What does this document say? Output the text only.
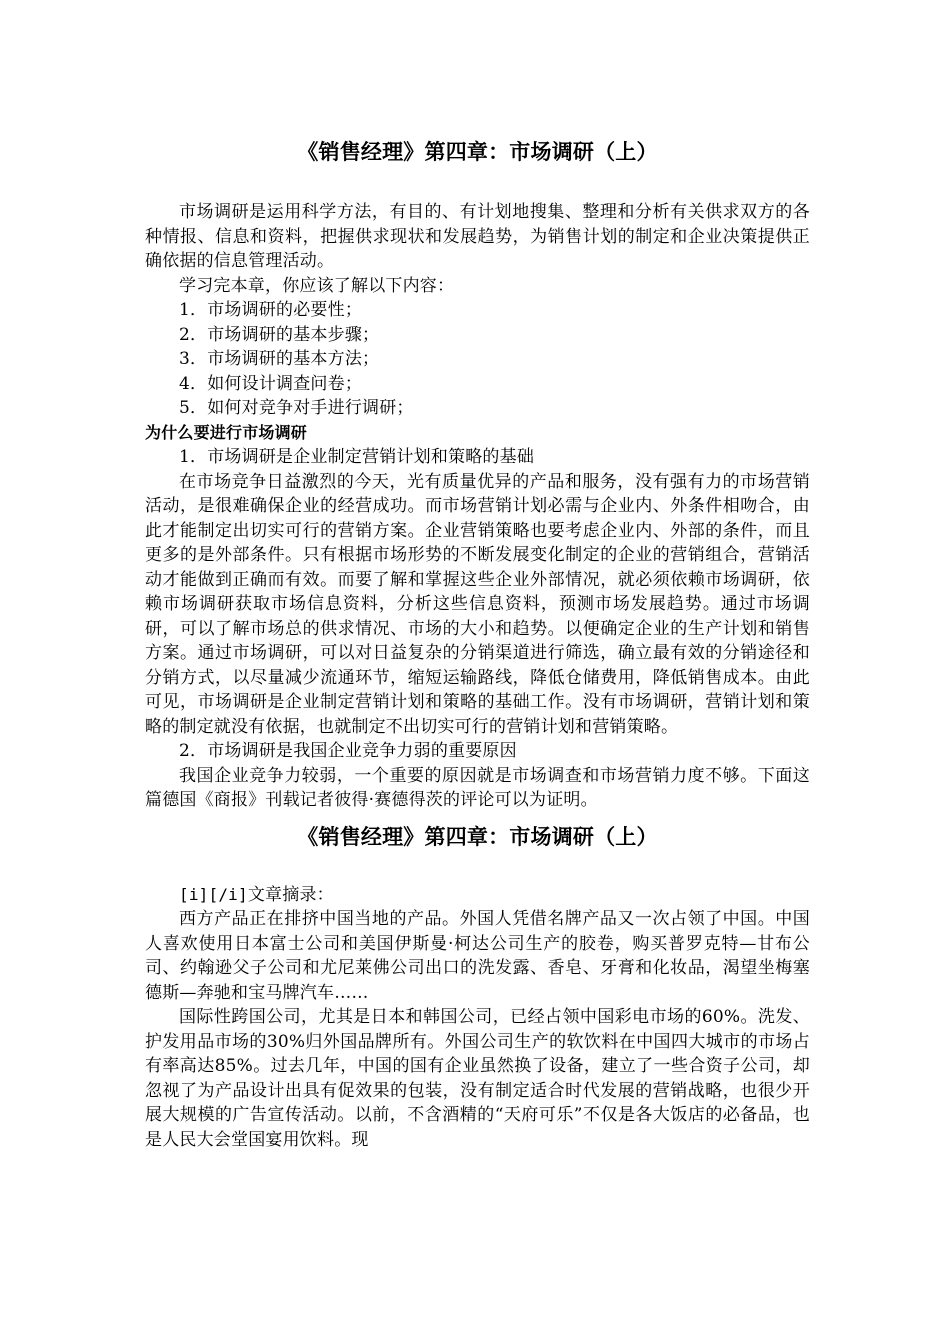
《销售经理》第四章：市场调研（上）

市场调研是运用科学方法，有目的、有计划地搜集、整理和分析有关供求双方的各种情报、信息和资料，把握供求现状和发展趋势，为销售计划的制定和企业决策提供正确依据的信息管理活动。

学习完本章，你应该了解以下内容：

1．市场调研的必要性；

2．市场调研的基本步骤；

3．市场调研的基本方法；

4．如何设计调查问卷；

5．如何对竞争对手进行调研；

为什么要进行市场调研

1．市场调研是企业制定营销计划和策略的基础

在市场竞争日益激烈的今天，光有质量优异的产品和服务，没有强有力的市场营销活动，是很难确保企业的经营成功。而市场营销计划必需与企业内、外条件相吻合，由此才能制定出切实可行的营销方案。企业营销策略也要考虑企业内、外部的条件，而且更多的是外部条件。只有根据市场形势的不断发展变化制定的企业的营销组合，营销活动才能做到正确而有效。而要了解和掌握这些企业外部情况，就必须依赖市场调研，依赖市场调研获取市场信息资料，分析这些信息资料，预测市场发展趋势。通过市场调研，可以了解市场总的供求情况、市场的大小和趋势。以便确定企业的生产计划和销售方案。通过市场调研，可以对日益复杂的分销渠道进行筛选，确立最有效的分销途径和分销方式，以尽量减少流通环节，缩短运输路线，降低仓储费用，降低销售成本。由此可见，市场调研是企业制定营销计划和策略的基础工作。没有市场调研，营销计划和策略的制定就没有依据，也就制定不出切实可行的营销计划和营销策略。

2．市场调研是我国企业竞争力弱的重要原因

我国企业竞争力较弱，一个重要的原因就是市场调查和市场营销力度不够。下面这篇德国《商报》刊载记者彼得·赛德得茨的评论可以为证明。

《销售经理》第四章：市场调研（上）

[i][/i]文章摘录：

西方产品正在排挤中国当地的产品。外国人凭借名牌产品又一次占领了中国。中国人喜欢使用日本富士公司和美国伊斯曼·柯达公司生产的胶卷，购买普罗克特—甘布公司、约翰逊父子公司和尤尼莱佛公司出口的洗发露、香皂、牙膏和化妆品，渴望坐梅塞德斯—奔驰和宝马牌汽车……

国际性跨国公司，尤其是日本和韩国公司，已经占领中国彩电市场的60%。洗发、护发用品市场的30%归外国品牌所有。外国公司生产的软饮料在中国四大城市的市场占有率高达85%。过去几年，中国的国有企业虽然换了设备，建立了一些合资子公司，却忽视了为产品设计出具有促效果的包装，没有制定适合时代发展的营销战略，也很少开展大规模的广告宣传活动。以前，不含酒精的“天府可乐”不仅是各大饭店的必备品，也是人民大会堂国宴用饮料。现
